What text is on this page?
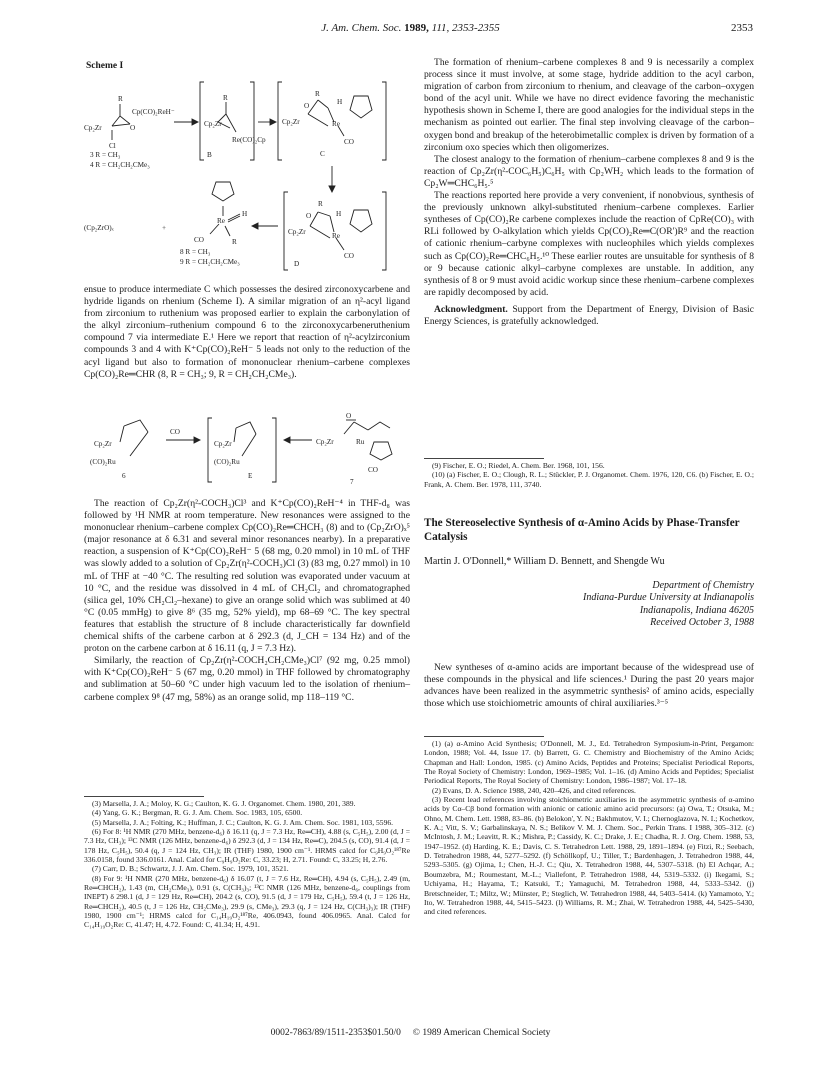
J. Am. Chem. Soc. 1989, 111, 2353-2355	2353
Scheme I
R
Cp(CO)₂ReH⁻
Cp₂Zr	O
Cl
3 R = CH₃
4 R = CH₂CH₂CMe₃
R
Cp₂Zr
Re(CO)₂Cp
B
R
H
O
Cp₂Zr	Re
CO
C
R
H
O
Cp₂Zr	Re
CO
D
(Cp₂ZrO)ₓ	+
Re
H
R
CO
8 R = CH₃
9 R = CH₂CH₂CMe₃

ensue to produce intermediate C which possesses the desired zirconoxycarbene and hydride ligands on rhenium (Scheme I). A similar migration of an η²-acyl ligand from zirconium to ruthenium was proposed earlier to explain the carbonylation of the alkyl zirconium–ruthenium compound 6 to the zirconoxycarbeneruthenium compound 7 via intermediate E.¹ Here we report that reaction of η²-acylzirconium compounds 3 and 4 with K⁺Cp(CO)₂ReH⁻ 5 leads not only to the reduction of the acyl ligand but also to formation of mononuclear rhenium–carbene complexes Cp(CO)₂Re═CHR (8, R = CH₃; 9, R = CH₂CH₂CMe₃).

Cp₂Zr
(CO)₂Ru
6
CO
Cp₂Zr
(CO)₂Ru
E
O
Cp₂Zr	Ru
CO
7

The reaction of Cp₂Zr(η²-COCH₃)Cl³ and K⁺Cp(CO)₂ReH⁻⁴ in THF-d₈ was followed by ¹H NMR at room temperature. New resonances were assigned to the mononuclear rhenium–carbene complex Cp(CO)₂Re═CHCH₃ (8) and to (Cp₂ZrO)ₓ⁵ (major resonance at δ 6.31 and several minor resonances nearby). In a preparative reaction, a suspension of K⁺Cp(CO)₂ReH⁻ 5 (68 mg, 0.20 mmol) in 10 mL of THF was slowly added to a solution of Cp₂Zr(η²-COCH₃)Cl (3) (83 mg, 0.27 mmol) in 10 mL of THF at −40 °C. The resulting red solution was evaporated under vacuum at 10 °C, and the residue was dissolved in 4 mL of CH₂Cl₂ and chromatographed (silica gel, 10% CH₂Cl₂–hexane) to give an orange solid which was sublimed at 40 °C (0.05 mmHg) to give 8⁶ (35 mg, 52% yield), mp 68–69 °C. The key spectral features that establish the structure of 8 include characteristically far downfield chemical shifts of the carbene carbon at δ 292.3 (d, J_CH = 134 Hz) and of the proton on the carbene carbon at δ 16.11 (q, J = 7.3 Hz).

Similarly, the reaction of Cp₂Zr(η²-COCH₂CH₂CMe₃)Cl⁷ (92 mg, 0.25 mmol) with K⁺Cp(CO)₂ReH⁻ 5 (67 mg, 0.20 mmol) in THF followed by chromatography and sublimation at 50–60 °C under high vacuum led to the isolation of rhenium–carbene complex 9⁸ (47 mg, 58%) as an orange solid, mp 118–119 °C.

(3) Marsella, J. A.; Moloy, K. G.; Caulton, K. G. J. Organomet. Chem. 1980, 201, 389.

(4) Yang, G. K.; Bergman, R. G. J. Am. Chem. Soc. 1983, 105, 6500.

(5) Marsella, J. A.; Folting, K.; Huffman, J. C.; Caulton, K. G. J. Am. Chem. Soc. 1981, 103, 5596.

(6) For 8: ¹H NMR (270 MHz, benzene-d₆) δ 16.11 (q, J = 7.3 Hz, Re═CH), 4.88 (s, C₅H₅), 2.00 (d, J = 7.3 Hz, CH₃); ¹³C NMR (126 MHz, benzene-d₆) δ 292.3 (d, J = 134 Hz, Re═C), 204.5 (s, CO), 91.4 (d, J = 178 Hz, C₅H₅), 50.4 (q, J = 124 Hz, CH₃); IR (THF) 1980, 1900 cm⁻¹. HRMS calcd for C₉H₉O₂¹⁸⁷Re 336.0158, found 336.0161. Anal. Calcd for C₉H₉O₂Re: C, 33.23; H, 2.71. Found: C, 33.25; H, 2.76.

(7) Carr, D. B.; Schwartz, J. J. Am. Chem. Soc. 1979, 101, 3521.

(8) For 9: ¹H NMR (270 MHz, benzene-d₆) δ 16.07 (t, J = 7.6 Hz, Re═CH), 4.94 (s, C₅H₅), 2.49 (m, Re═CHCH₂), 1.43 (m, CH₂CMe₃), 0.91 (s, C(CH₃)₃; ¹³C NMR (126 MHz, benzene-d₆, couplings from INEPT) δ 298.1 (d, J = 129 Hz, Re═CH), 204.2 (s, CO), 91.5 (d, J = 179 Hz, C₅H₅), 59.4 (t, J = 126 Hz, Re═CHCH₂), 40.5 (t, J = 126 Hz, CH₂CMe₃), 29.9 (s, CMe₃), 29.3 (q, J = 124 Hz, C(CH₃)₃); IR (THF) 1980, 1900 cm⁻¹; HRMS calcd for C₁₄H₁₉O₂¹⁸⁷Re, 406.0943, found 406.0965. Anal. Calcd for C₁₄H₁₉O₂Re: C, 41.47; H, 4.72. Found: C, 41.34; H, 4.91.

The formation of rhenium–carbene complexes 8 and 9 is necessarily a complex process since it must involve, at some stage, hydride addition to the acyl carbon, migration of carbon from zirconium to rhenium, and cleavage of the carbon–oxygen bond of the acyl unit. While we have no direct evidence favoring the mechanistic hypothesis shown in Scheme I, there are good analogies for the individual steps in the mechanism as pointed out earlier. The final step involving cleavage of the carbon–oxygen bond and breakup of the heterobimetallic complex is driven by formation of a zirconium oxo species which then oligomerizes.

The closest analogy to the formation of rhenium–carbene complexes 8 and 9 is the reaction of Cp₂Zr(η²-COC₆H₅)C₆H₅ with Cp₂WH₂ which leads to the formation of Cp₂W═CHC₆H₅.⁵

The reactions reported here provide a very convenient, if nonobvious, synthesis of the previously unknown alkyl-substituted rhenium–carbene complexes. Earlier syntheses of Cp(CO)₂Re carbene complexes include the reaction of CpRe(CO)₃ with RLi followed by O-alkylation which yields Cp(CO)₂Re═C(OR')R⁹ and the reaction of cationic rhenium–carbyne complexes with nucleophiles which yields complexes such as Cp(CO)₂Re═CHC₆H₅.¹⁰ These earlier routes are unsuitable for synthesis of 8 or 9 because cationic alkyl–carbyne complexes are unstable. In addition, any synthesis of 8 or 9 must avoid acidic workup since these rhenium–carbene complexes are rapidly decomposed by acid.

Acknowledgment. Support from the Department of Energy, Division of Basic Energy Sciences, is gratefully acknowledged.

(9) Fischer, E. O.; Riedel, A. Chem. Ber. 1968, 101, 156.

(10) (a) Fischer, E. O.; Clough, R. L.; Stückler, P. J. Organomet. Chem. 1976, 120, C6. (b) Fischer, E. O.; Frank, A. Chem. Ber. 1978, 111, 3740.

The Stereoselective Synthesis of α-Amino Acids by Phase-Transfer Catalysis
Martin J. O'Donnell,* William D. Bennett, and Shengde Wu
Department of Chemistry
Indiana-Purdue University at Indianapolis
Indianapolis, Indiana 46205
Received October 3, 1988

New syntheses of α-amino acids are important because of the widespread use of these compounds in the physical and life sciences.¹ During the past 20 years major advances have been realized in the asymmetric synthesis² of amino acids, especially those which use stoichiometric amounts of chiral auxiliaries.³⁻⁵

(1) (a) α-Amino Acid Synthesis; O'Donnell, M. J., Ed. Tetrahedron Symposium-in-Print, Pergamon: London, 1988; Vol. 44, Issue 17. (b) Barrett, G. C. Chemistry and Biochemistry of the Amino Acids; Chapman and Hall: London, 1985. (c) Amino Acids, Peptides and Proteins; Specialist Periodical Reports, The Royal Society of Chemistry: London, 1969–1985; Vol. 1–16. (d) Amino Acids and Peptides; Specialist Periodical Reports, The Royal Society of Chemistry: London, 1986–1987; Vol. 17–18.

(2) Evans, D. A. Science 1988, 240, 420–426, and cited references.

(3) Recent lead references involving stoichiometric auxiliaries in the asymmetric synthesis of α-amino acids by Cα–Cβ bond formation with anionic or cationic amino acid precursors: (a) Owa, T.; Otsuka, M.; Ohno, M. Chem. Lett. 1988, 83–86. (b) Belokon', Y. N.; Bakhmutov, V. I.; Chernoglazova, N. I.; Kochetkov, K. A.; Vitt, S. V.; Garbalinskaya, N. S.; Belikov V. M. J. Chem. Soc., Perkin Trans. I 1988, 305–312. (c) McIntosh, J. M.; Leavitt, R. K.; Mishra, P.; Cassidy, K. C.; Drake, J. E.; Chadha, R. J. Org. Chem. 1988, 53, 1947–1952. (d) Harding, K. E.; Davis, C. S. Tetrahedron Lett. 1988, 29, 1891–1894. (e) Fitzi, R.; Seebach, D. Tetrahedron 1988, 44, 5277–5292. (f) Schöllkopf, U.; Tiller, T.; Bardenhagen, J. Tetrahedron 1988, 44, 5293–5305. (g) Ojima, I.; Chen, H.-J. C.; Qiu, X. Tetrahedron 1988, 44, 5307–5318. (h) El Achqar, A.; Boumzebra, M.; Roumestant, M.-L.; Viallefont, P. Tetrahedron 1988, 44, 5319–5332. (i) Ikegami, S.; Uchiyama, H.; Hayama, T.; Katsuki, T.; Yamaguchi, M. Tetrahedron 1988, 44, 5333–5342. (j) Bretschneider, T.; Miltz, W.; Münster, P.; Steglich, W. Tetrahedron 1988, 44, 5403–5414. (k) Yamamoto, Y.; Ito, W. Tetrahedron 1988, 44, 5415–5423. (l) Williams, R. M.; Zhai, W. Tetrahedron 1988, 44, 5425–5430, and cited references.

0002-7863/89/1511-2353$01.50/0 © 1989 American Chemical Society
